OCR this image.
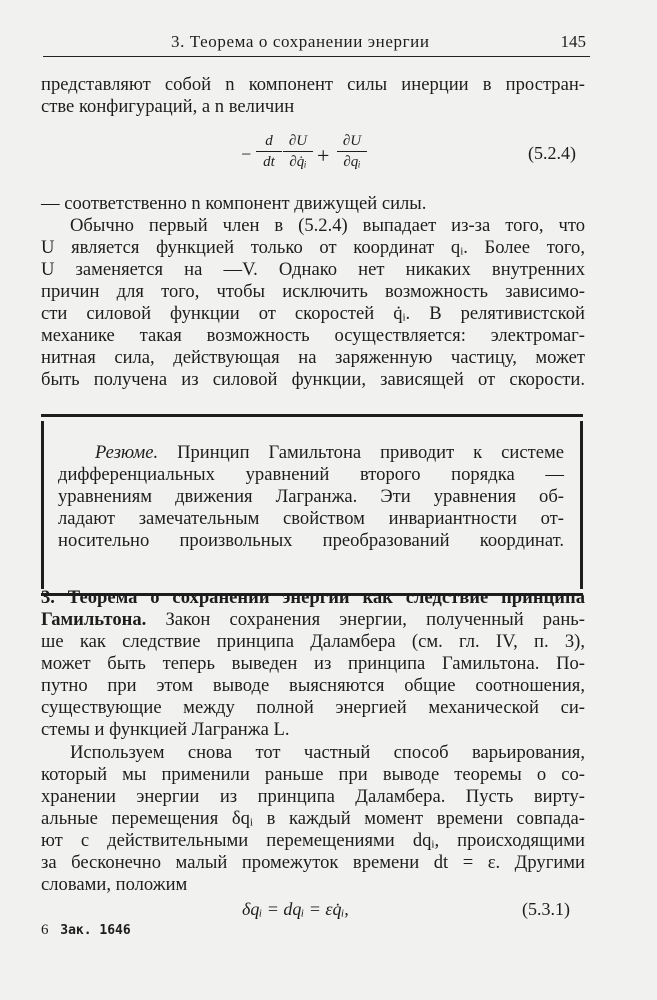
3. Теорема о сохранении энергии	145
представляют собой n компонент силы инерции в простран-
стве конфигураций, а n величин
−
d
dt
∂U
∂q̇ᵢ +
∂U
∂qᵢ	(5.2.4)
— соответственно n компонент движущей силы.
Обычно первый член в (5.2.4) выпадает из-за того, что
U является функцией только от координат qᵢ. Более того,
U заменяется на —V. Однако нет никаких внутренних
причин для того, чтобы исключить возможность зависимо-
сти силовой функции от скоростей q̇ᵢ. В релятивистской
механике такая возможность осуществляется: электромаг-
нитная сила, действующая на заряженную частицу, может
быть получена из силовой функции, зависящей от скорости.
Резюме. Принцип Гамильтона приводит к системе
дифференциальных уравнений второго порядка —
уравнениям движения Лагранжа. Эти уравнения об-
ладают замечательным свойством инвариантности от-
носительно произвольных преобразований координат.
3. Теорема о сохранении энергии как следствие принципа
Гамильтона. Закон сохранения энергии, полученный рань-
ше как следствие принципа Даламбера (см. гл. IV, п. 3),
может быть теперь выведен из принципа Гамильтона. По-
путно при этом выводе выясняются общие соотношения,
существующие между полной энергией механической си-
стемы и функцией Лагранжа L.
Используем снова тот частный способ варьирования,
который мы применили раньше при выводе теоремы о со-
хранении энергии из принципа Даламбера. Пусть вирту-
альные перемещения δqᵢ в каждый момент времени совпада-
ют с действительными перемещениями dqᵢ, происходящими
за бесконечно малый промежуток времени dt = ε. Другими
словами, положим
δqᵢ = dqᵢ = εq̇ᵢ,	(5.3.1)
6 Зак. 1646
